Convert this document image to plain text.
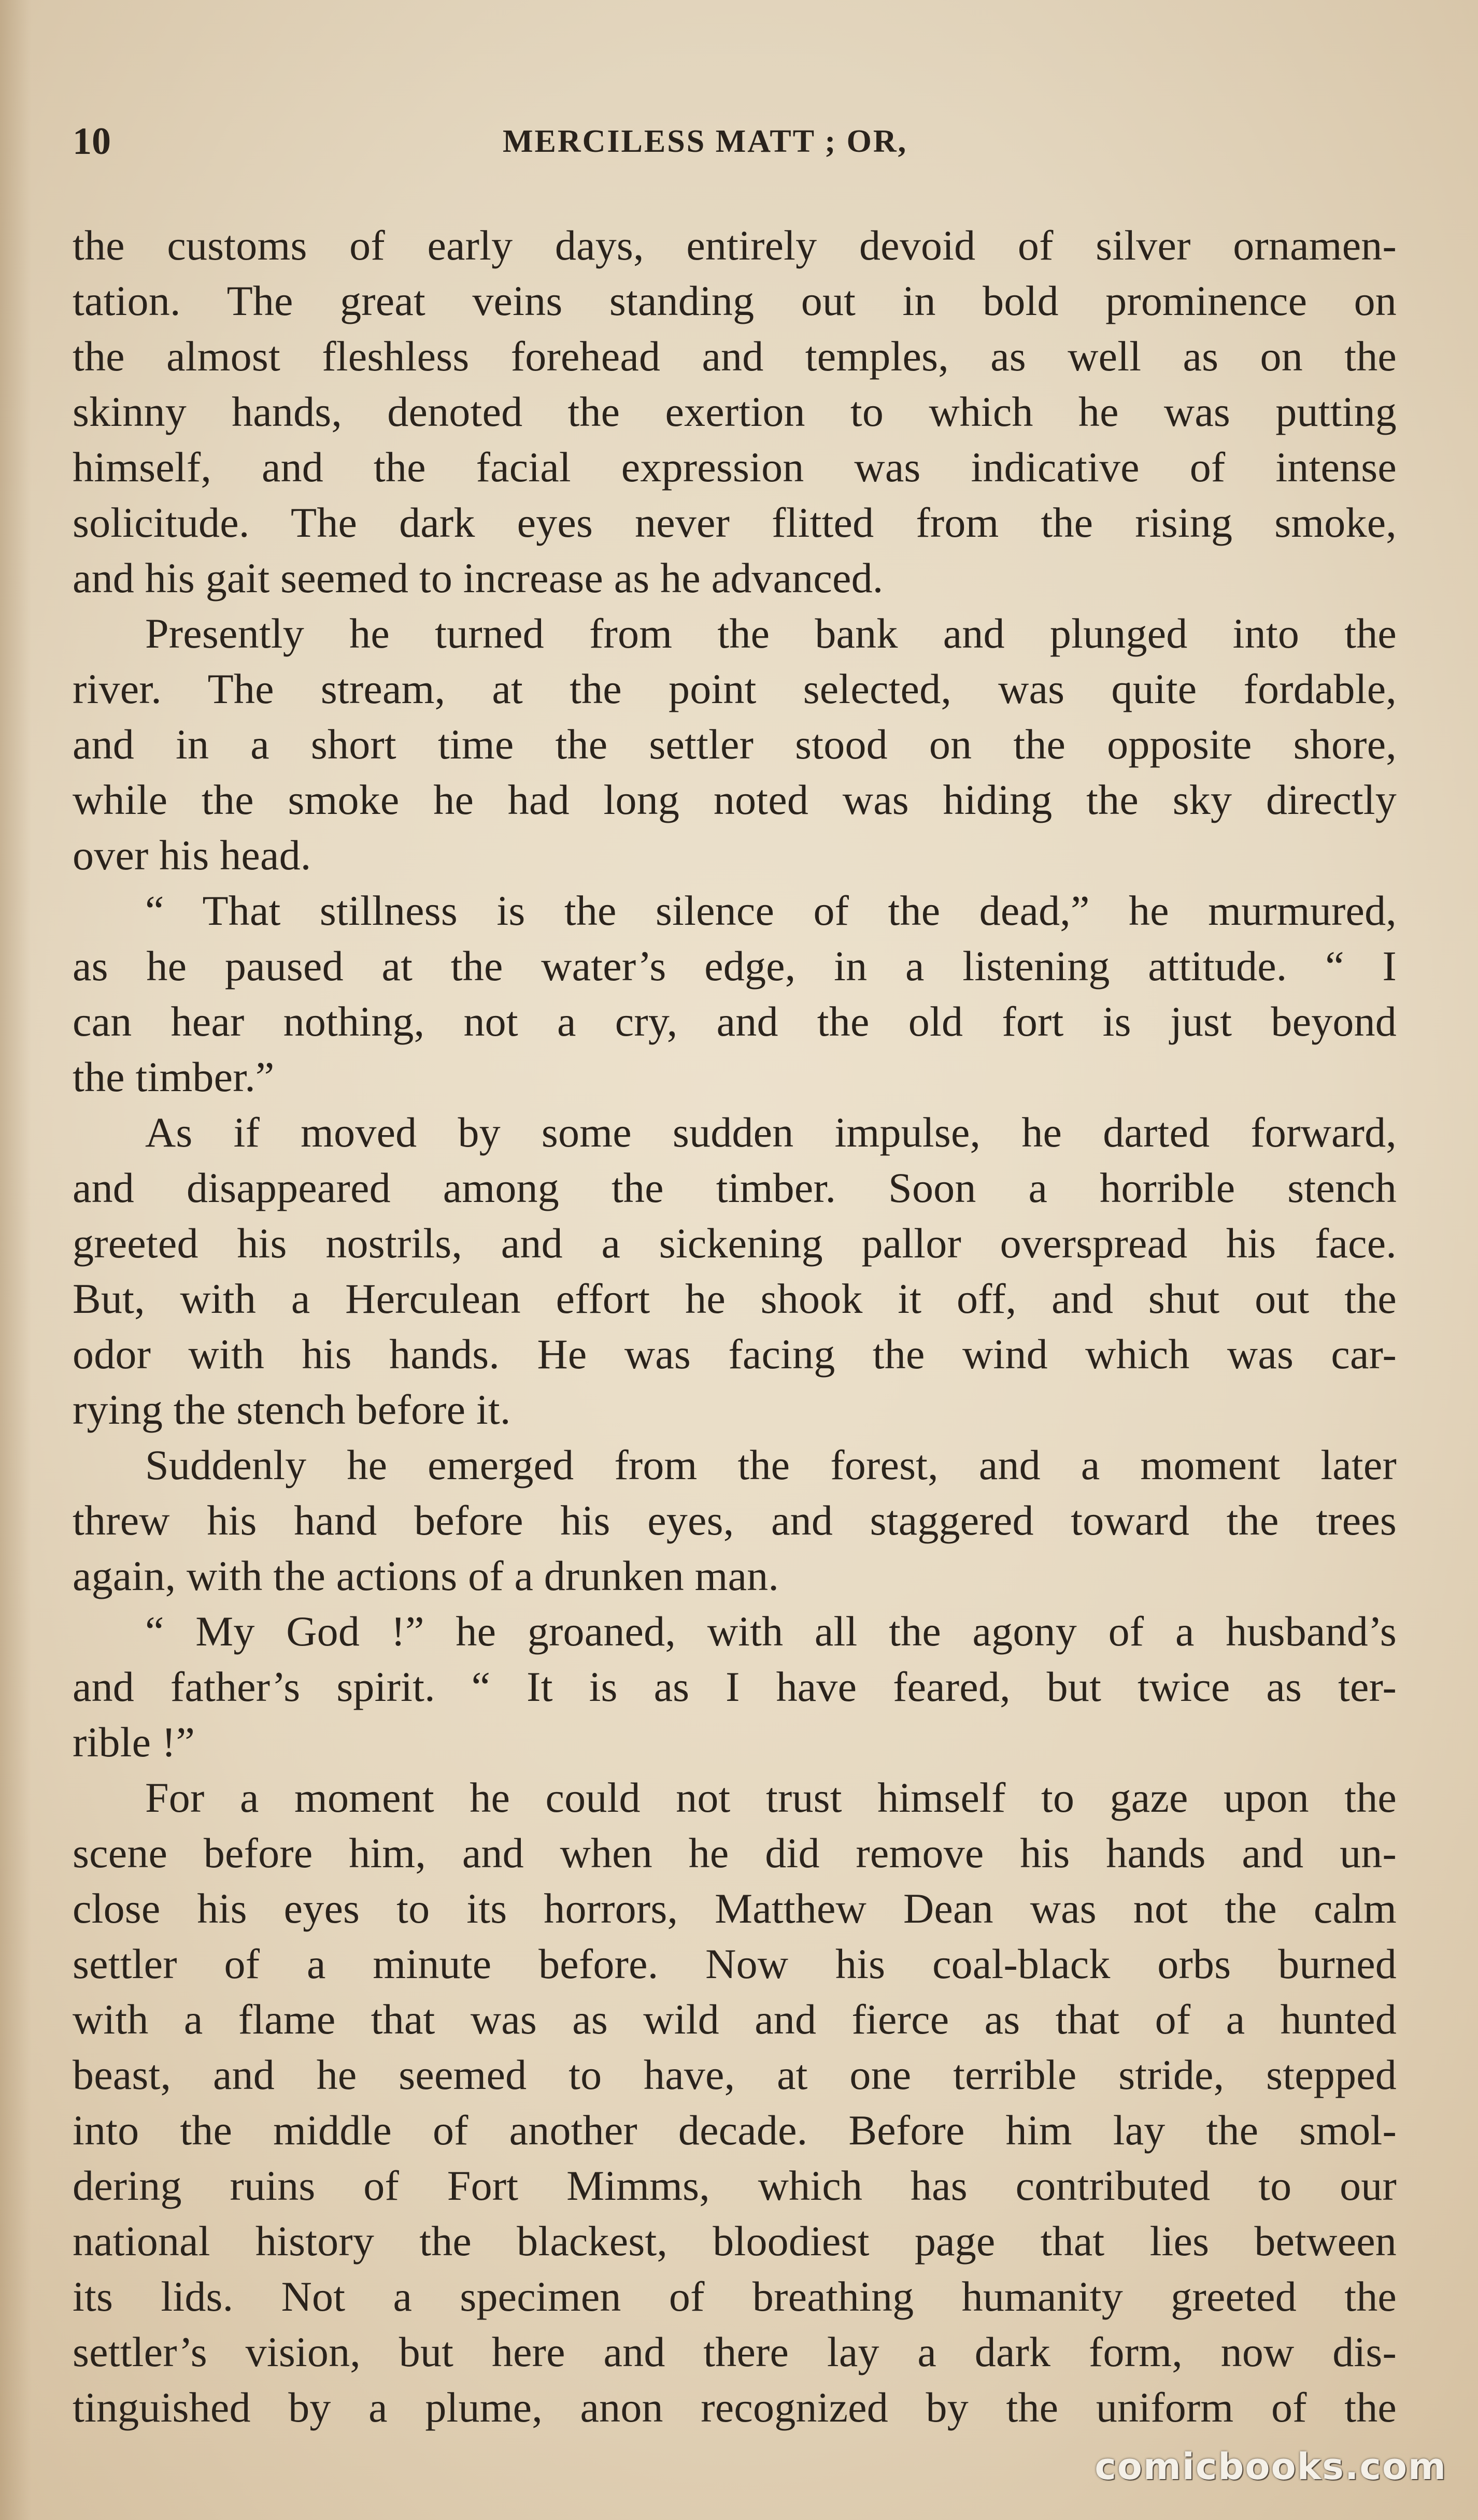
10	MERCILESS MATT ; OR,
the customs of early days, entirely devoid of silver ornamen-
tation. The great veins standing out in bold prominence on
the almost fleshless forehead and temples, as well as on the
skinny hands, denoted the exertion to which he was putting
himself, and the facial expression was indicative of intense
solicitude. The dark eyes never flitted from the rising smoke,
and his gait seemed to increase as he advanced.
Presently he turned from the bank and plunged into the
river. The stream, at the point selected, was quite fordable,
and in a short time the settler stood on the opposite shore,
while the smoke he had long noted was hiding the sky directly
over his head.
“ That stillness is the silence of the dead,” he murmured,
as he paused at the water’s edge, in a listening attitude. “ I
can hear nothing, not a cry, and the old fort is just beyond
the timber.”
As if moved by some sudden impulse, he darted forward,
and disappeared among the timber. Soon a horrible stench
greeted his nostrils, and a sickening pallor overspread his face.
But, with a Herculean effort he shook it off, and shut out the
odor with his hands. He was facing the wind which was car-
rying the stench before it.
Suddenly he emerged from the forest, and a moment later
threw his hand before his eyes, and staggered toward the trees
again, with the actions of a drunken man.
“ My God !” he groaned, with all the agony of a husband’s
and father’s spirit. “ It is as I have feared, but twice as ter-
rible !”
For a moment he could not trust himself to gaze upon the
scene before him, and when he did remove his hands and un-
close his eyes to its horrors, Matthew Dean was not the calm
settler of a minute before. Now his coal-black orbs burned
with a flame that was as wild and fierce as that of a hunted
beast, and he seemed to have, at one terrible stride, stepped
into the middle of another decade. Before him lay the smol-
dering ruins of Fort Mimms, which has contributed to our
national history the blackest, bloodiest page that lies between
its lids. Not a specimen of breathing humanity greeted the
settler’s vision, but here and there lay a dark form, now dis-
tinguished by a plume, anon recognized by the uniform of the
comicbooks.com
